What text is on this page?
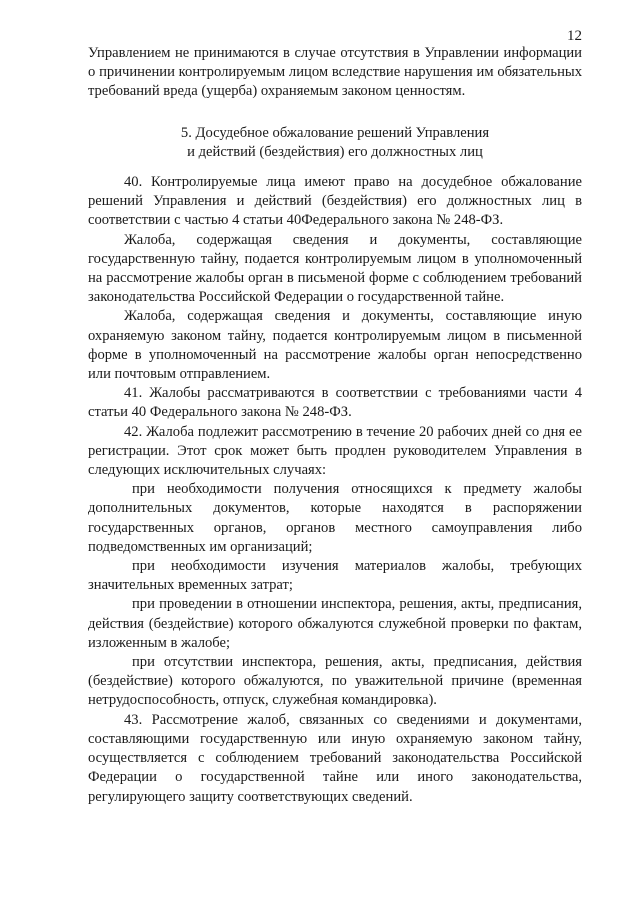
12
Управлением не принимаются в случае отсутствия в Управлении информации о причинении контролируемым лицом вследствие нарушения им обязательных требований вреда (ущерба) охраняемым законом ценностям.
5. Досудебное обжалование решений Управления
и действий (бездействия) его должностных лиц

40. Контролируемые лица имеют право на досудебное обжалование решений Управления и действий (бездействия) его должностных лиц в соответствии с частью 4 статьи 40Федерального закона № 248-ФЗ.

Жалоба, содержащая сведения и документы, составляющие государственную тайну, подается контролируемым лицом в уполномоченный на рассмотрение жалобы орган в письменой форме с соблюдением требований законодательства Российской Федерации о государственной тайне.

Жалоба, содержащая сведения и документы, составляющие иную охраняемую законом тайну, подается контролируемым лицом в письменной форме в уполномоченный на рассмотрение жалобы орган непосредственно или почтовым отправлением.

41. Жалобы рассматриваются в соответствии с требованиями части 4 статьи 40 Федерального закона № 248-ФЗ.

42. Жалоба подлежит рассмотрению в течение 20 рабочих дней со дня ее регистрации. Этот срок может быть продлен руководителем Управления в следующих исключительных случаях:

при необходимости получения относящихся к предмету жалобы дополнительных документов, которые находятся в распоряжении государственных органов, органов местного самоуправления либо подведомственных им организаций;

при необходимости изучения материалов жалобы, требующих значительных временных затрат;

при проведении в отношении инспектора, решения, акты, предписания, действия (бездействие) которого обжалуются служебной проверки по фактам, изложенным в жалобе;

при отсутствии инспектора, решения, акты, предписания, действия (бездействие) которого обжалуются, по уважительной причине (временная нетрудоспособность, отпуск, служебная командировка).

43. Рассмотрение жалоб, связанных со сведениями и документами, составляющими государственную или иную охраняемую законом тайну, осуществляется с соблюдением требований законодательства Российской Федерации о государственной тайне или иного законодательства, регулирующего защиту соответствующих сведений.
